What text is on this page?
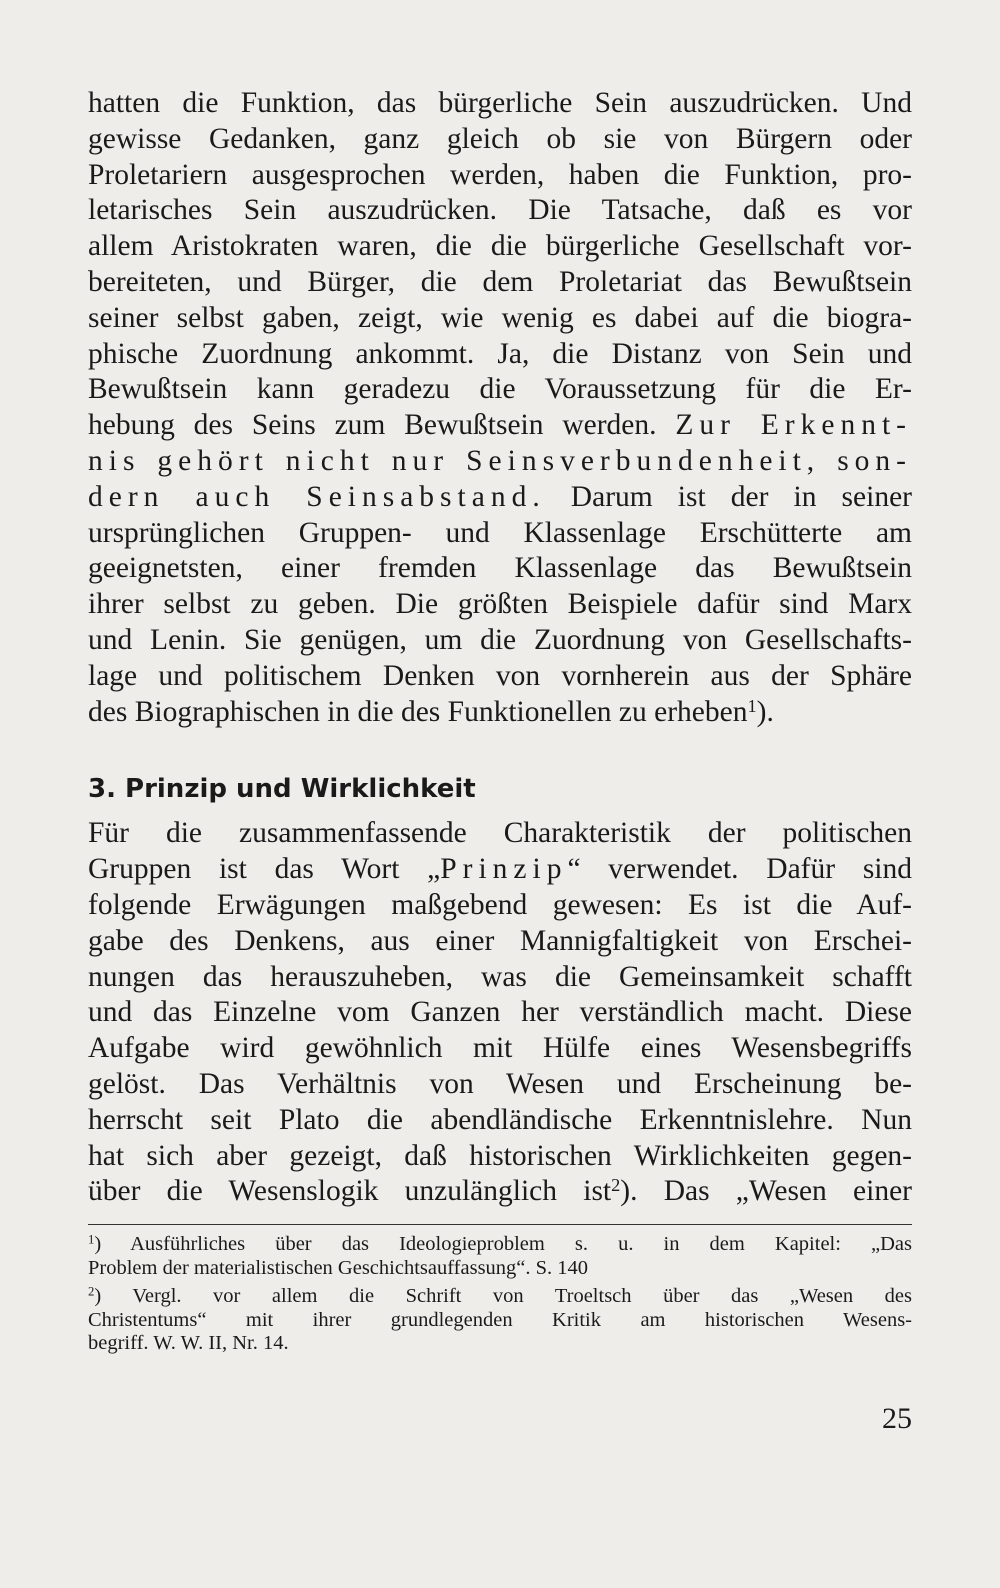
hatten die Funktion, das bürgerliche Sein auszudrücken. Und
gewisse Gedanken, ganz gleich ob sie von Bürgern oder
Proletariern ausgesprochen werden, haben die Funktion, pro-
letarisches Sein auszudrücken. Die Tatsache, daß es vor
allem Aristokraten waren, die die bürgerliche Gesellschaft vor-
bereiteten, und Bürger, die dem Proletariat das Bewußtsein
seiner selbst gaben, zeigt, wie wenig es dabei auf die biogra-
phische Zuordnung ankommt. Ja, die Distanz von Sein und
Bewußtsein kann geradezu die Voraussetzung für die Er-
hebung des Seins zum Bewußtsein werden. Zur Erkennt-
nis gehört nicht nur Seinsverbundenheit, son-
dern auch Seinsabstand. Darum ist der in seiner
ursprünglichen Gruppen- und Klassenlage Erschütterte am
geeignetsten, einer fremden Klassenlage das Bewußtsein
ihrer selbst zu geben. Die größten Beispiele dafür sind Marx
und Lenin. Sie genügen, um die Zuordnung von Gesellschafts-
lage und politischem Denken von vornherein aus der Sphäre
des Biographischen in die des Funktionellen zu erheben$^1$).
3. Prinzip und Wirklichkeit
Für die zusammenfassende Charakteristik der politischen
Gruppen ist das Wort „Prinzip“ verwendet. Dafür sind
folgende Erwägungen maßgebend gewesen: Es ist die Auf-
gabe des Denkens, aus einer Mannigfaltigkeit von Erschei-
nungen das herauszuheben, was die Gemeinsamkeit schafft
und das Einzelne vom Ganzen her verständlich macht. Diese
Aufgabe wird gewöhnlich mit Hülfe eines Wesensbegriffs
gelöst. Das Verhältnis von Wesen und Erscheinung be-
herrscht seit Plato die abendländische Erkenntnislehre. Nun
hat sich aber gezeigt, daß historischen Wirklichkeiten gegen-
über die Wesenslogik unzulänglich ist$^2$). Das „Wesen einer
$^1$) Ausführliches über das Ideologieproblem s. u. in dem Kapitel: „Das
Problem der materialistischen Geschichtsauffassung“. S. 140
$^2$) Vergl. vor allem die Schrift von Troeltsch über das „Wesen des
Christentums“ mit ihrer grundlegenden Kritik am historischen Wesens-
begriff. W. W. II, Nr. 14.
25
